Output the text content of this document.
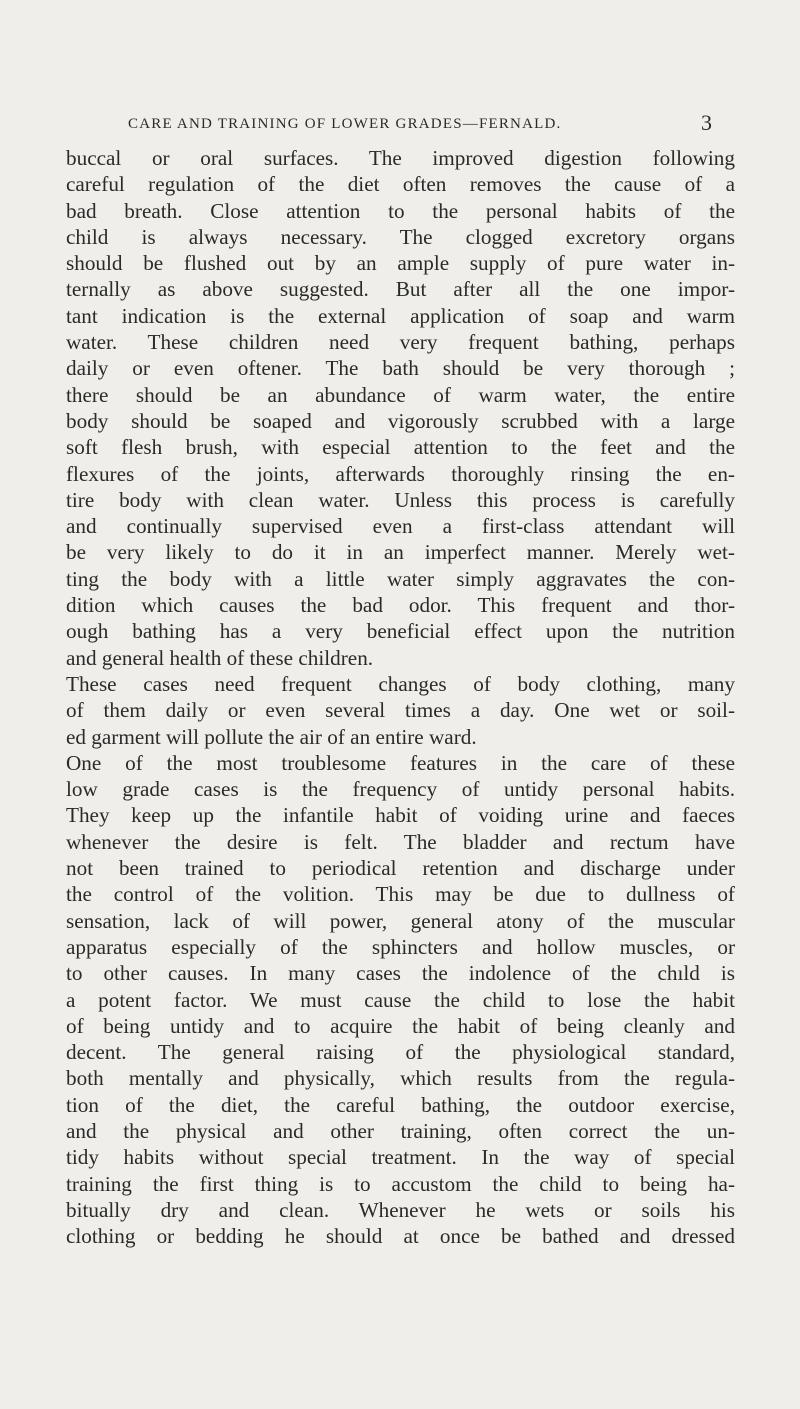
CARE AND TRAINING OF LOWER GRADES—FERNALD.	3
buccal or oral surfaces. The improved digestion following
careful regulation of the diet often removes the cause of a
bad breath. Close attention to the personal habits of the
child is always necessary. The clogged excretory organs
should be flushed out by an ample supply of pure water in-
ternally as above suggested. But after all the one impor-
tant indication is the external application of soap and warm
water. These children need very frequent bathing, perhaps
daily or even oftener. The bath should be very thorough ;
there should be an abundance of warm water, the entire
body should be soaped and vigorously scrubbed with a large
soft flesh brush, with especial attention to the feet and the
flexures of the joints, afterwards thoroughly rinsing the en-
tire body with clean water. Unless this process is carefully
and continually supervised even a first-class attendant will
be very likely to do it in an imperfect manner. Merely wet-
ting the body with a little water simply aggravates the con-
dition which causes the bad odor. This frequent and thor-
ough bathing has a very beneficial effect upon the nutrition
and general health of these children.
These cases need frequent changes of body clothing, many
of them daily or even several times a day. One wet or soil-
ed garment will pollute the air of an entire ward.
One of the most troublesome features in the care of these
low grade cases is the frequency of untidy personal habits.
They keep up the infantile habit of voiding urine and faeces
whenever the desire is felt. The bladder and rectum have
not been trained to periodical retention and discharge under
the control of the volition. This may be due to dullness of
sensation, lack of will power, general atony of the muscular
apparatus especially of the sphincters and hollow muscles, or
to other causes. In many cases the indolence of the chıld is
a potent factor. We must cause the child to lose the habit
of being untidy and to acquire the habit of being cleanly and
decent. The general raising of the physiological standard,
both mentally and physically, which results from the regula-
tion of the diet, the careful bathing, the outdoor exercise,
and the physical and other training, often correct the un-
tidy habits without special treatment. In the way of special
training the first thing is to accustom the child to being ha-
bitually dry and clean. Whenever he wets or soils his
clothing or bedding he should at once be bathed and dressed
